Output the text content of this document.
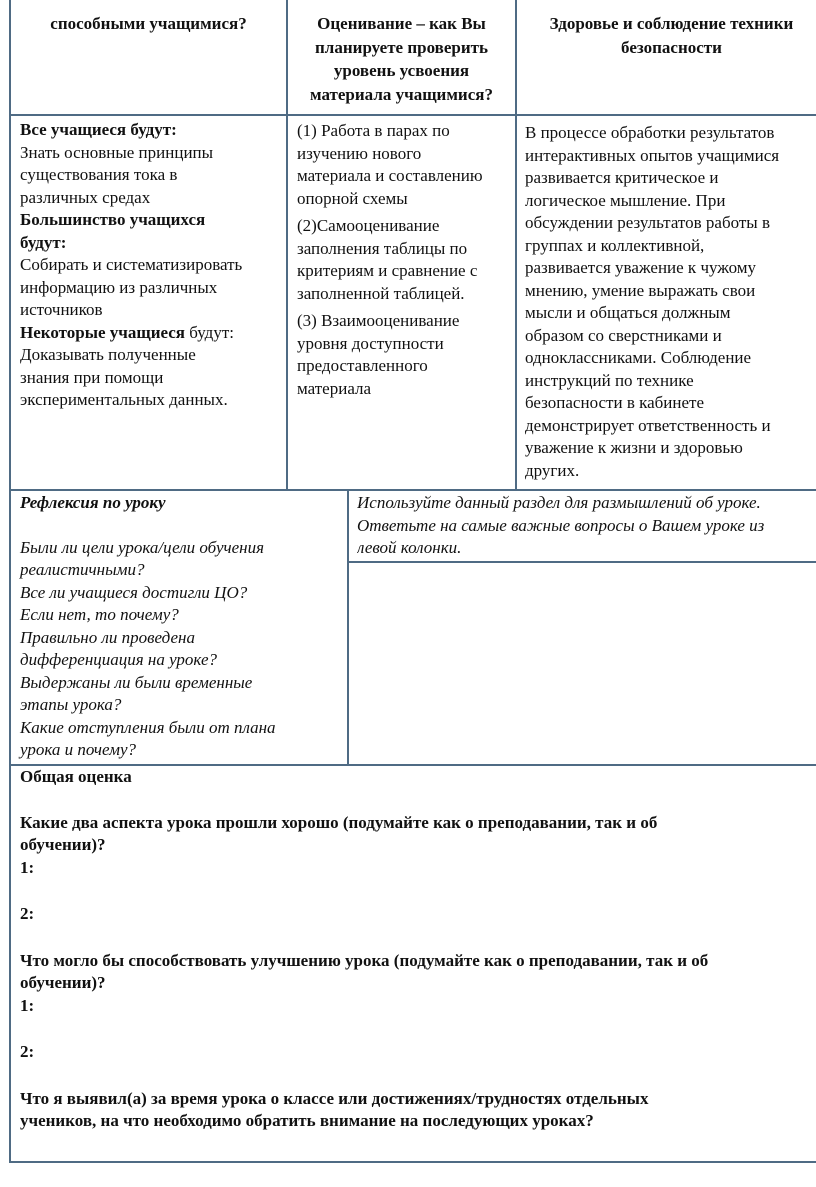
способными учащимися?	Оценивание – как Вы
планируете проверить
уровень усвоения
материала учащимися?
Здоровье и соблюдение техники
безопасности
Все учащиеся будут:
Знать основные принципы
существования тока в
различных средах
Большинство учащихся
будут:
Собирать и систематизировать
информацию из различных
источников
Некоторые учащиеся будут:
Доказывать полученные
знания при помощи
экспериментальных данных.
(1) Работа в парах по
изучению нового
материала и составлению
опорной схемы
(2)Самооценивание
заполнения таблицы по
критериям и сравнение с
заполненной таблицей.
(3) Взаимооценивание
уровня доступности
предоставленного
материала
В процессе обработки результатов
интерактивных опытов учащимися
развивается критическое и
логическое мышление. При
обсуждении результатов работы в
группах и коллективной,
развивается уважение к чужому
мнению, умение выражать свои
мысли и общаться должным
образом со сверстниками и
одноклассниками. Соблюдение
инструкций по технике
безопасности в кабинете
демонстрирует ответственность и
уважение к жизни и здоровью
других.
Рефлексия по уроку
Были ли цели урока/цели обучения
реалистичными?
Все ли учащиеся достигли ЦО?
Если нет, то почему?
Правильно ли проведена
дифференциация на уроке?
Выдержаны ли были временные
этапы урока?
Какие отступления были от плана
урока и почему?
Используйте данный раздел для размышлений об уроке.
Ответьте на самые важные вопросы о Вашем уроке из
левой колонки.

Общая оценка

Какие два аспекта урока прошли хорошо (подумайте как о преподавании, так и об

обучении)?

1:

2:

Что могло бы способствовать улучшению урока (подумайте как о преподавании, так и об

обучении)?

1:

2:

Что я выявил(а) за время урока о классе или достижениях/трудностях отдельных

учеников, на что необходимо обратить внимание на последующих уроках?
